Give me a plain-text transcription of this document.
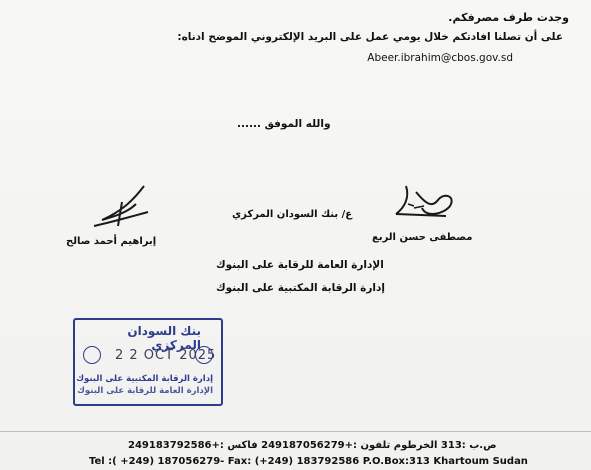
وجدت طرف مصرفكم.
على أن تصلنا افادتكم خلال يومي عمل على البريد الإلكتروني الموضح ادناه:
Abeer.ibrahim@cbos.gov.sd
والله الموفق ......
مصطفى حسن الربع
إبراهيم أحمد صالح
ع/ بنك السودان المركزي
الإدارة العامة للرقابة على البنوك
إدارة الرقابة المكتبية على البنوك
بنك السودان المركزي
2 2 OCT 2025
إدارة الرقابة المكتبية على البنوك
الإدارة العامة للرقابة على البنوك
ص.ب :313 الخرطوم تلفون :+249187056279 فاكس :+249183792586
Tel :( +249) 187056279- Fax: (+249) 183792586 P.O.Box:313 Khartoum Sudan
